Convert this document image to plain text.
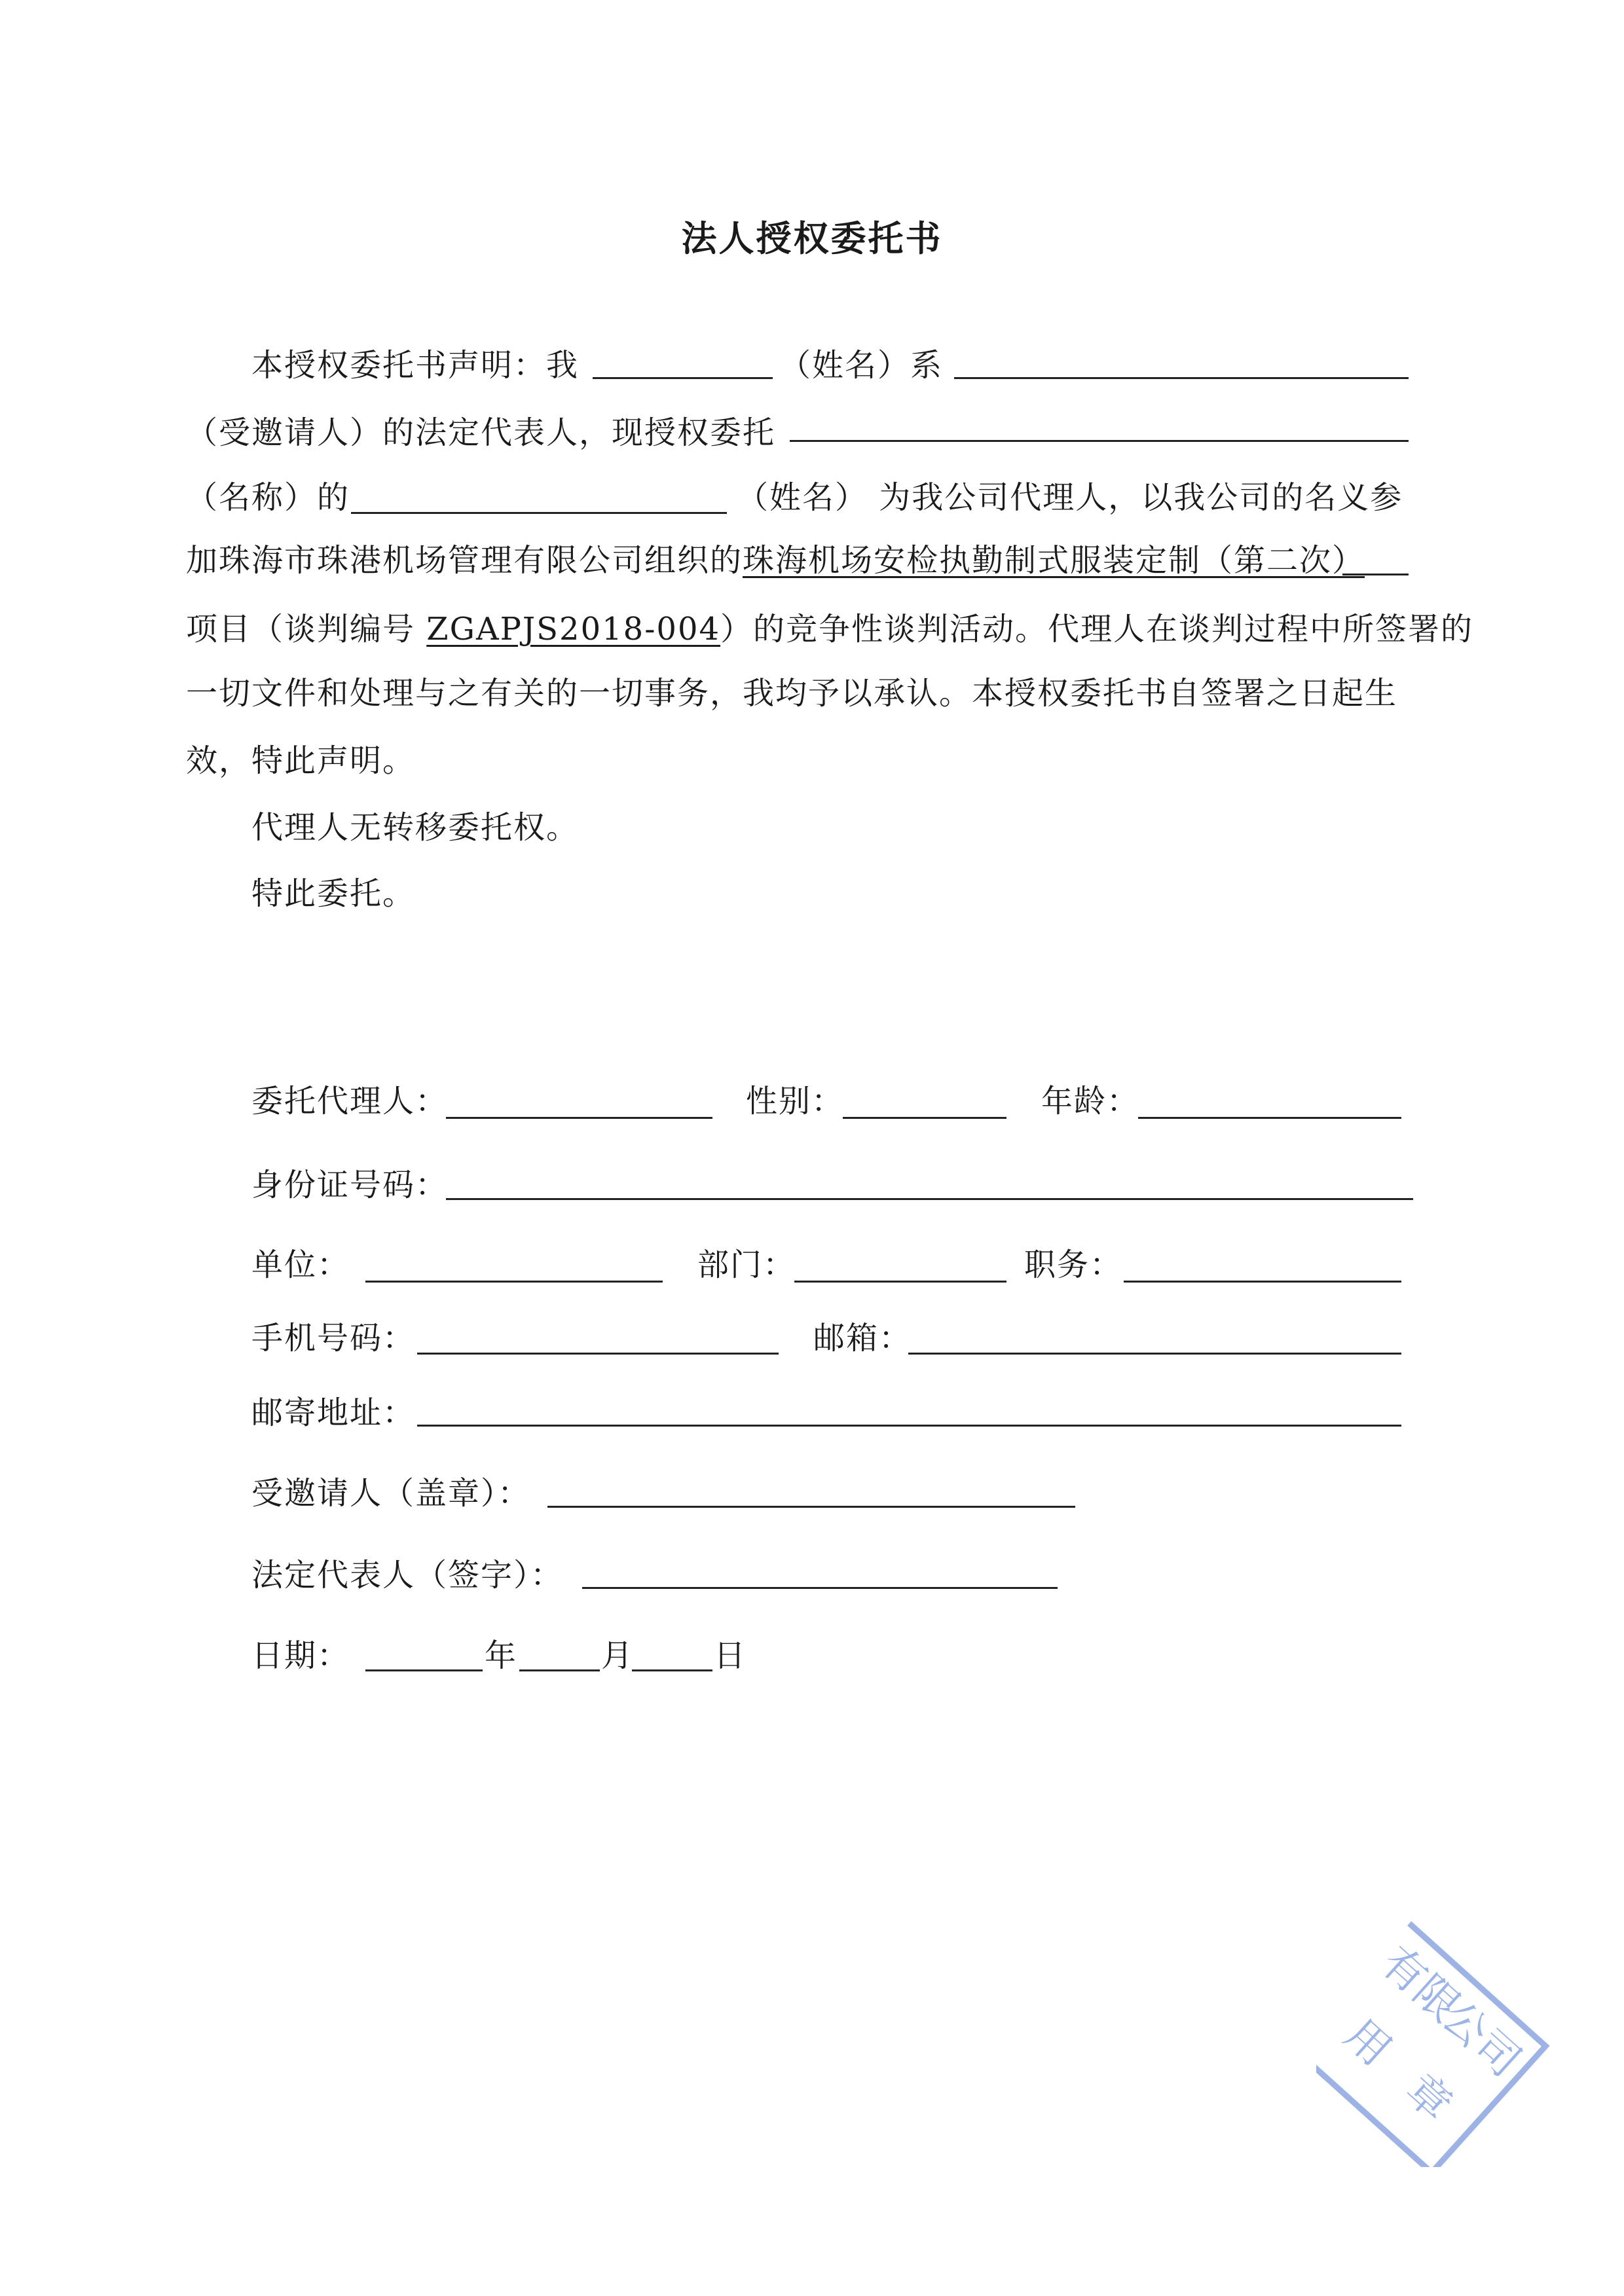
法人授权委托书
本授权委托书声明：我	（姓名）系
（受邀请人）的法定代表人，现授权委托
（名称）的	（姓名） 为我公司代理人，以我公司的名义参
加珠海市珠港机场管理有限公司组织的珠海机场安检执勤制式服装定制（第二次）
项目（谈判编号 ZGAPJS2018-004）的竞争性谈判活动。代理人在谈判过程中所签署的
一切文件和处理与之有关的一切事务，我均予以承认。本授权委托书自签署之日起生
效，特此声明。
代理人无转移委托权。
特此委托。
委托代理人：	性别：	年龄：
身份证号码：
单位：	部门：	职务：
手机号码：	邮箱：
邮寄地址：
受邀请人（盖章）：
法定代表人（签字）：
日期：	年	月	日
有限
公司
用
章
